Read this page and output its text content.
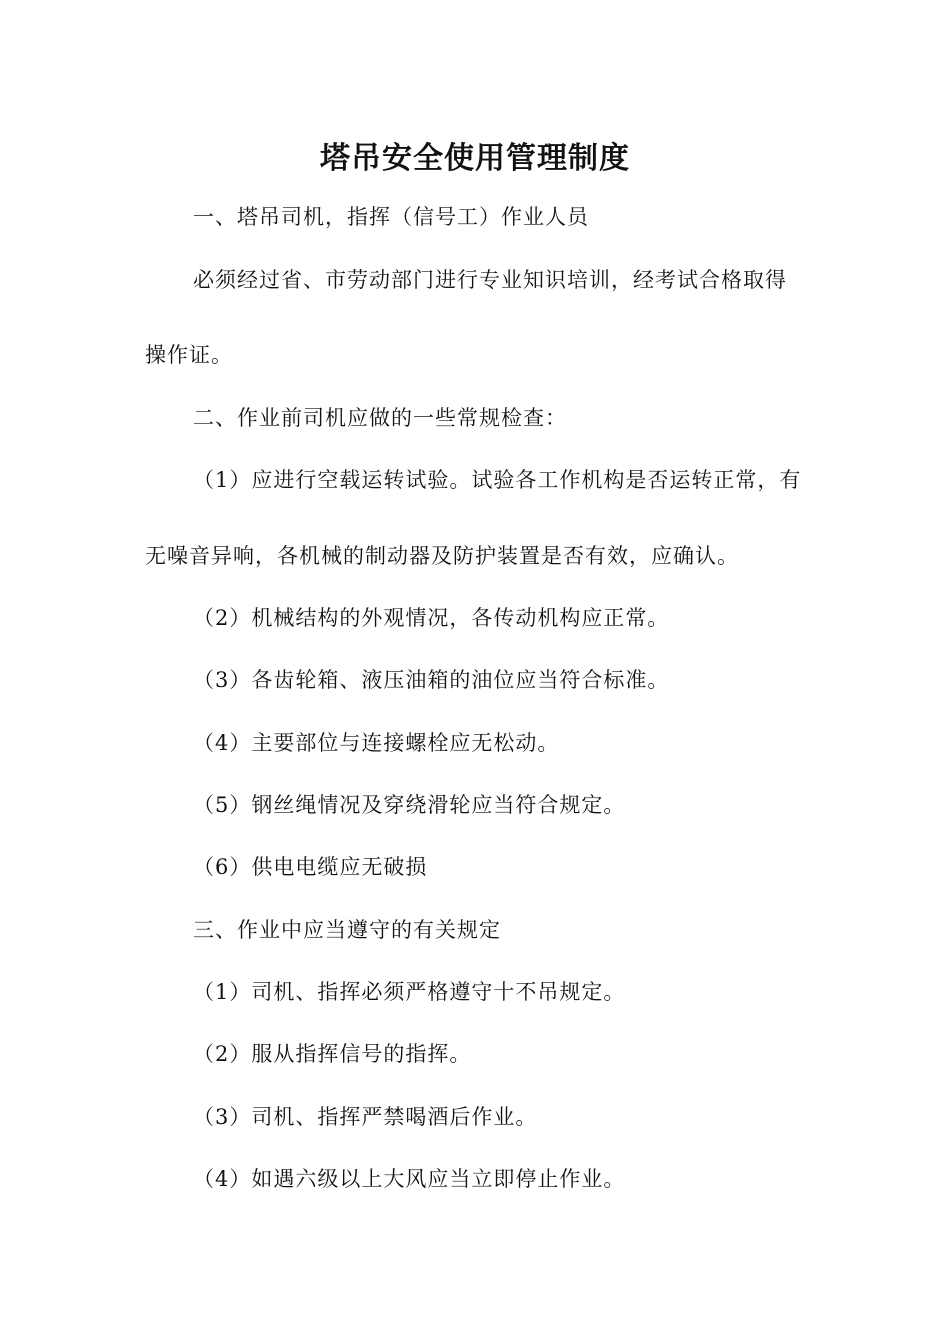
塔吊安全使用管理制度
一、塔吊司机，指挥（信号工）作业人员
必须经过省、市劳动部门进行专业知识培训，经考试合格取得
操作证。
二、作业前司机应做的一些常规检查：
（1）应进行空载运转试验。试验各工作机构是否运转正常，有
无噪音异响，各机械的制动器及防护装置是否有效，应确认。
（2）机械结构的外观情况，各传动机构应正常。
（3）各齿轮箱、液压油箱的油位应当符合标准。
（4）主要部位与连接螺栓应无松动。
（5）钢丝绳情况及穿绕滑轮应当符合规定。
（6）供电电缆应无破损
三、作业中应当遵守的有关规定
（1）司机、指挥必须严格遵守十不吊规定。
（2）服从指挥信号的指挥。
（3）司机、指挥严禁喝酒后作业。
（4）如遇六级以上大风应当立即停止作业。
